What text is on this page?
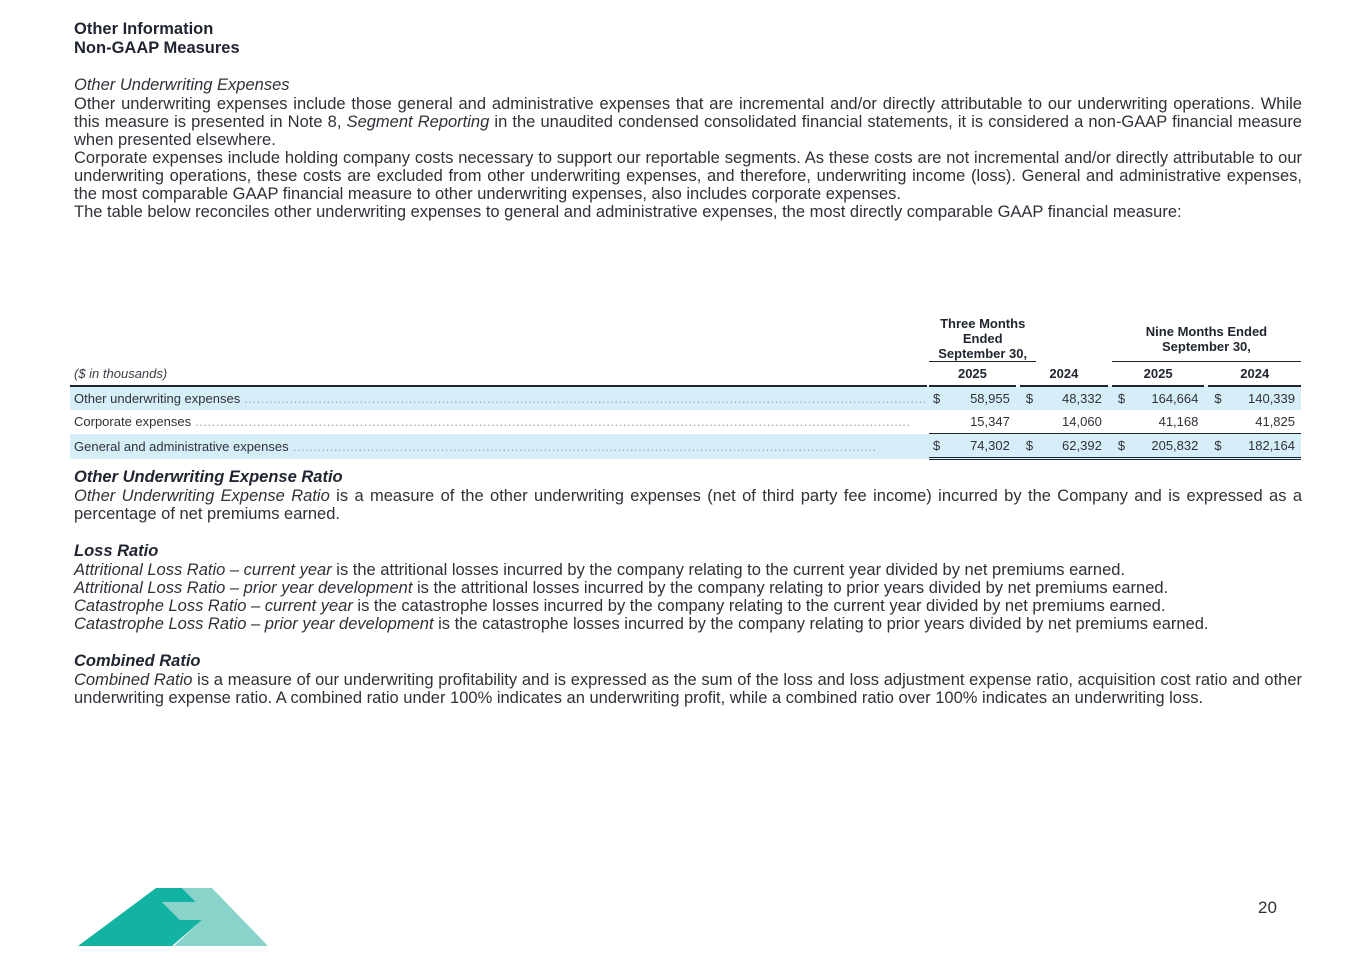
Other Information
Non-GAAP Measures
Other Underwriting Expenses

Other underwriting expenses include those general and administrative expenses that are incremental and/or directly attributable to our underwriting operations. While this measure is presented in Note 8, Segment Reporting in the unaudited condensed consolidated financial statements, it is considered a non-GAAP financial measure when presented elsewhere.

Corporate expenses include holding company costs necessary to support our reportable segments. As these costs are not incremental and/or directly attributable to our underwriting operations, these costs are excluded from other underwriting expenses, and therefore, underwriting income (loss). General and administrative expenses, the most comparable GAAP financial measure to other underwriting expenses, also includes corporate expenses.

The table below reconciles other underwriting expenses to general and administrative expenses, the most directly comparable GAAP financial measure:

		Three Months Ended September 30,						Nine Months Ended September 30,				
($ in thousands)		2025			2024			2025			2024	
Other underwriting expenses ......................................................................................................................................................................		$	58,955	$		48,332	$		164,664	$		140,339
Corporate expenses ..............................................................................................................................................................................			15,347			14,060			41,168			41,825
General and administrative expenses ..............................................................................................................................................		$	74,302	$		62,392	$		205,832	$		182,164
Other Underwriting Expense Ratio

Other Underwriting Expense Ratio is a measure of the other underwriting expenses (net of third party fee income) incurred by the Company and is expressed as a percentage of net premiums earned.

Loss Ratio

Attritional Loss Ratio – current year is the attritional losses incurred by the company relating to the current year divided by net premiums earned.

Attritional Loss Ratio – prior year development is the attritional losses incurred by the company relating to prior years divided by net premiums earned.

Catastrophe Loss Ratio – current year is the catastrophe losses incurred by the company relating to the current year divided by net premiums earned.

Catastrophe Loss Ratio – prior year development is the catastrophe losses incurred by the company relating to prior years divided by net premiums earned.

Combined Ratio

Combined Ratio is a measure of our underwriting profitability and is expressed as the sum of the loss and loss adjustment expense ratio, acquisition cost ratio and other underwriting expense ratio. A combined ratio under 100% indicates an underwriting profit, while a combined ratio over 100% indicates an underwriting loss.

20
